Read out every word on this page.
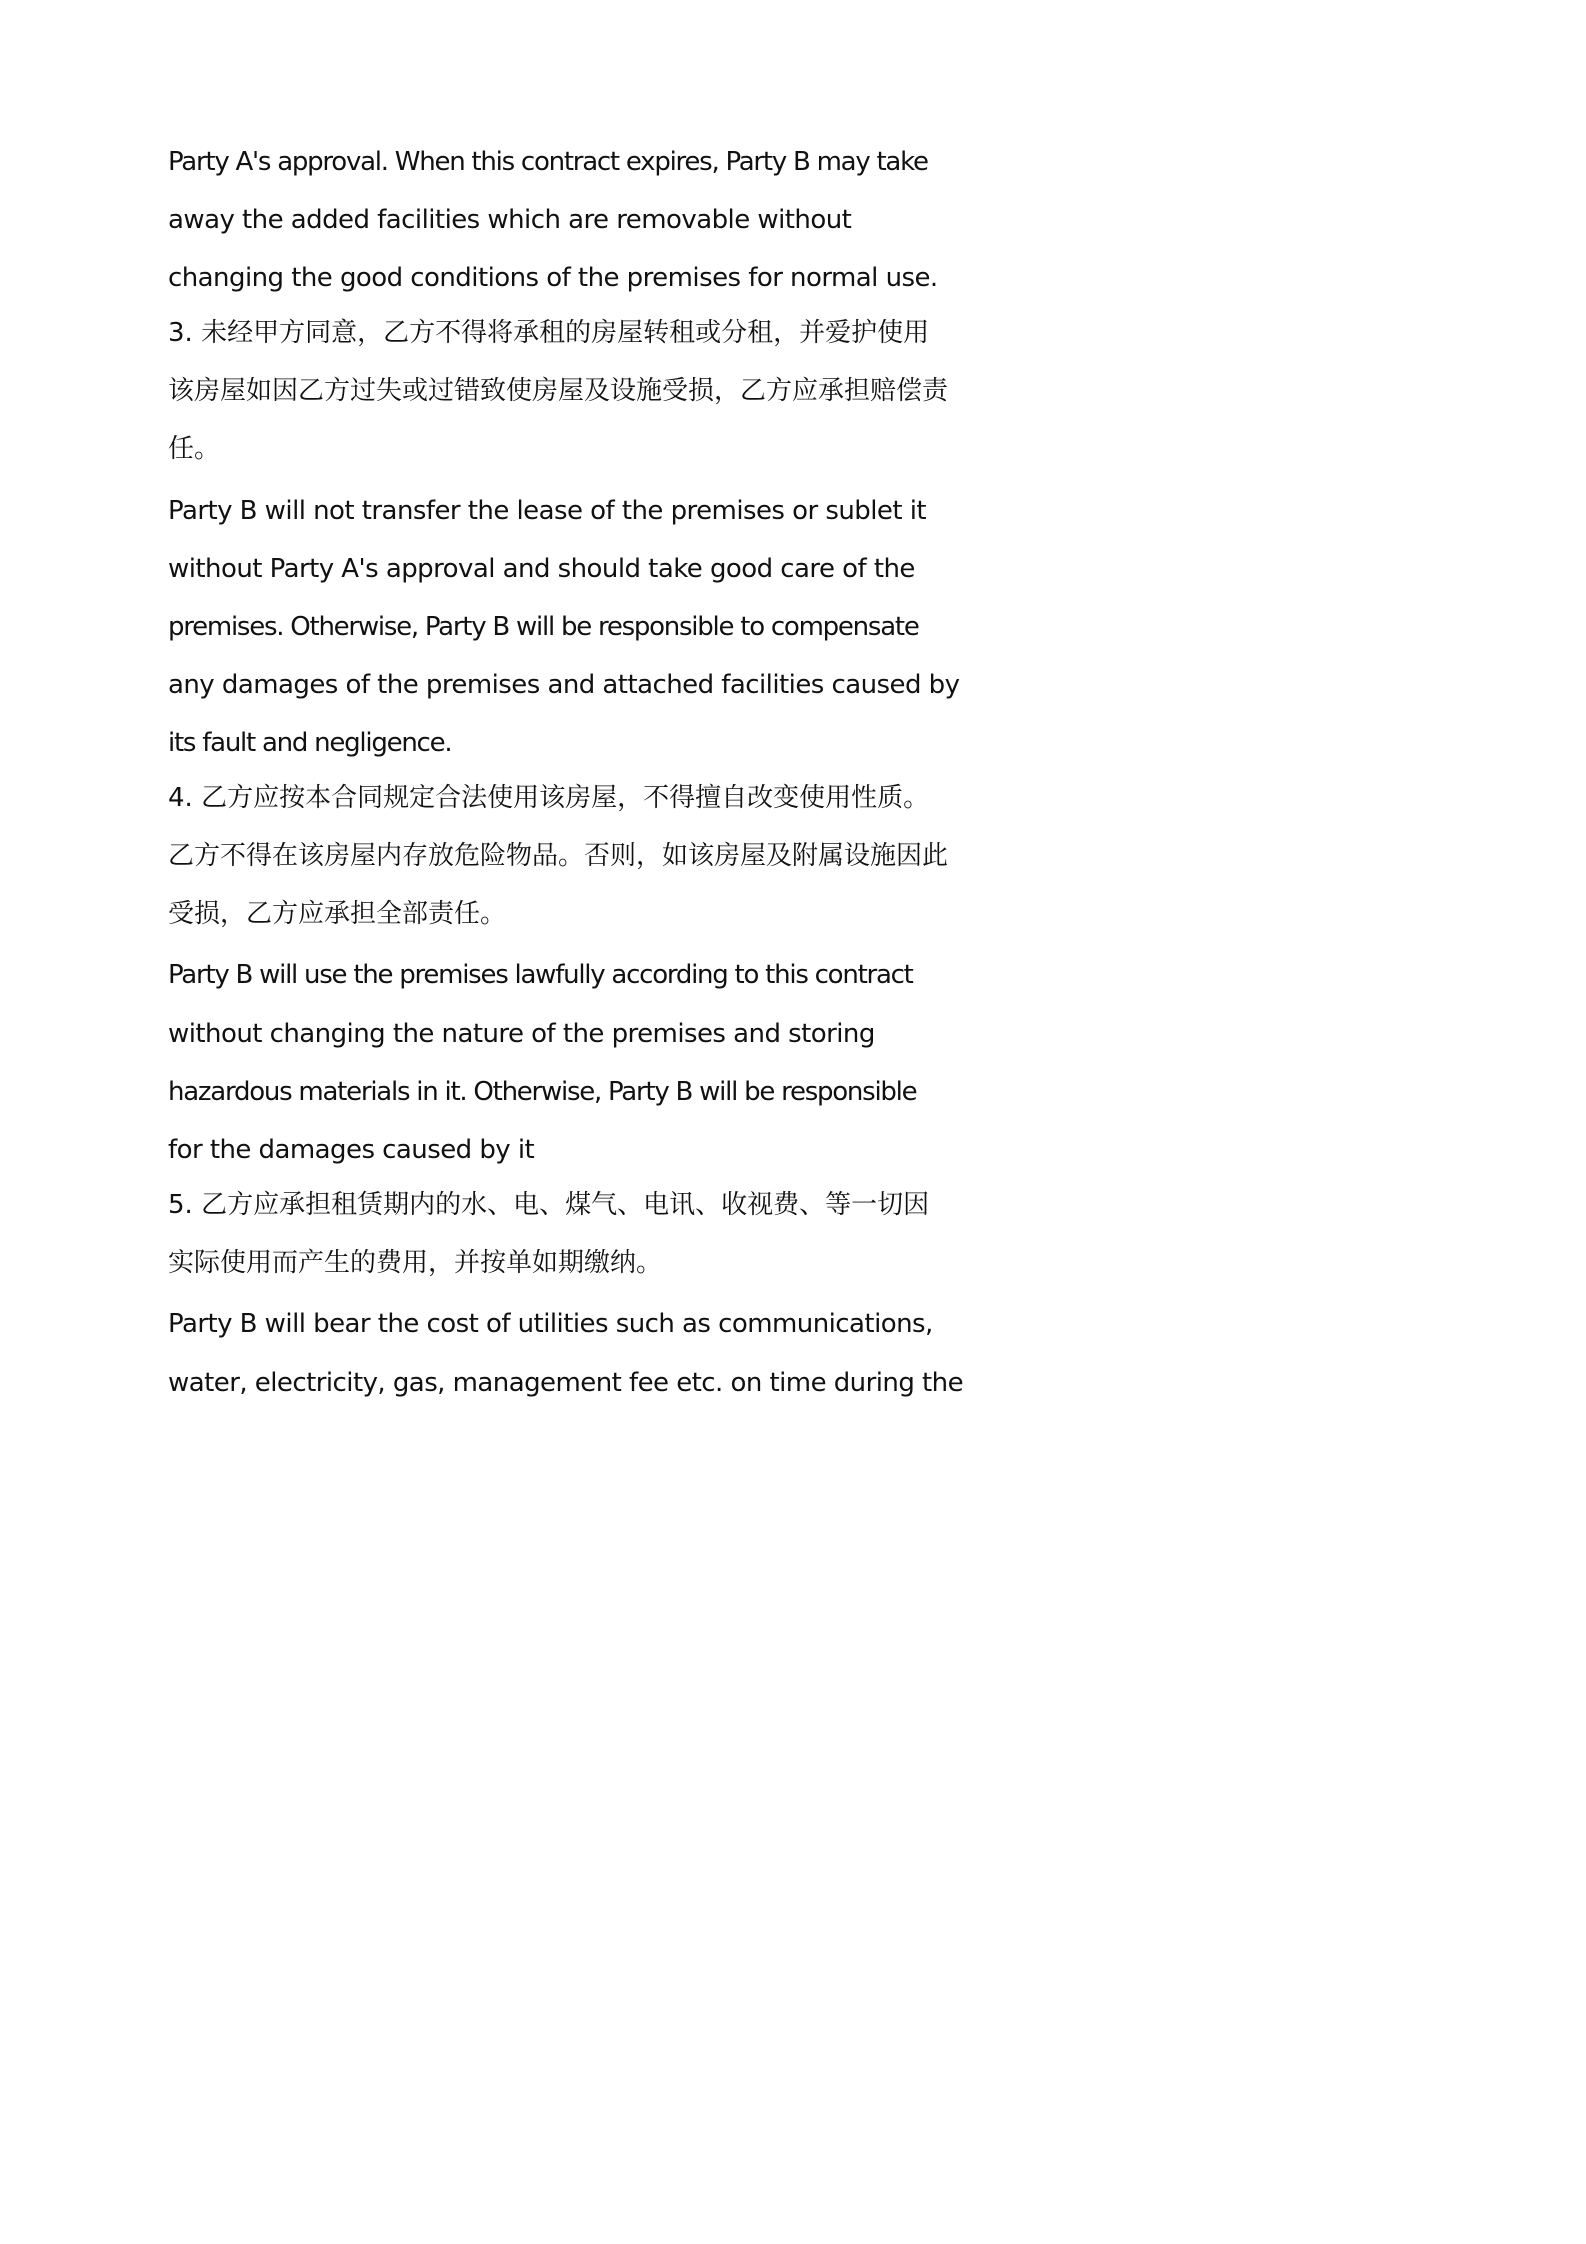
Party A's approval. When this contract expires, Party B may take

away the added facilities which are removable without

changing the good conditions of the premises for normal use.

3. 未经甲方同意，乙方不得将承租的房屋转租或分租，并爱护使用

该房屋如因乙方过失或过错致使房屋及设施受损，乙方应承担赔偿责

任。

Party B will not transfer the lease of the premises or sublet it

without Party A's approval and should take good care of the

premises. Otherwise, Party B will be responsible to compensate

any damages of the premises and attached facilities caused by

its fault and negligence.

4. 乙方应按本合同规定合法使用该房屋，不得擅自改变使用性质。

乙方不得在该房屋内存放危险物品。否则，如该房屋及附属设施因此

受损，乙方应承担全部责任。

Party B will use the premises lawfully according to this contract

without changing the nature of the premises and storing

hazardous materials in it. Otherwise, Party B will be responsible

for the damages caused by it

5. 乙方应承担租赁期内的水、电、煤气、电讯、收视费、等一切因

实际使用而产生的费用，并按单如期缴纳。

Party B will bear the cost of utilities such as communications,

water, electricity, gas, management fee etc. on time during the
